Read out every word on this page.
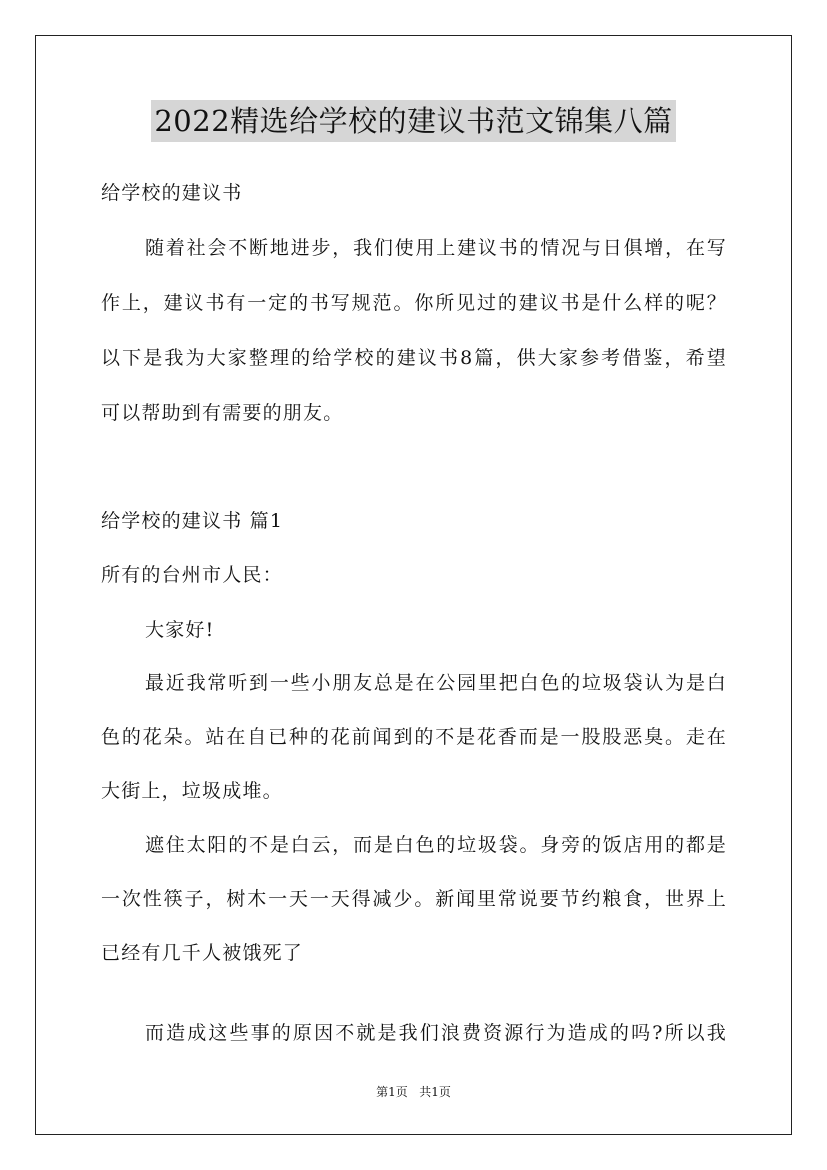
2022精选给学校的建议书范文锦集八篇
给学校的建议书
随着社会不断地进步，我们使用上建议书的情况与日俱增，在写
作上，建议书有一定的书写规范。你所见过的建议书是什么样的呢？
以下是我为大家整理的给学校的建议书8篇，供大家参考借鉴，希望
可以帮助到有需要的朋友。
给学校的建议书 篇1
所有的台州市人民：
大家好!
最近我常听到一些小朋友总是在公园里把白色的垃圾袋认为是白
色的花朵。站在自已种的花前闻到的不是花香而是一股股恶臭。走在
大街上，垃圾成堆。
遮住太阳的不是白云，而是白色的垃圾袋。身旁的饭店用的都是
一次性筷子，树木一天一天得减少。新闻里常说要节约粮食，世界上
已经有几千人被饿死了
而造成这些事的原因不就是我们浪费资源行为造成的吗?所以我
第1页 共1页
